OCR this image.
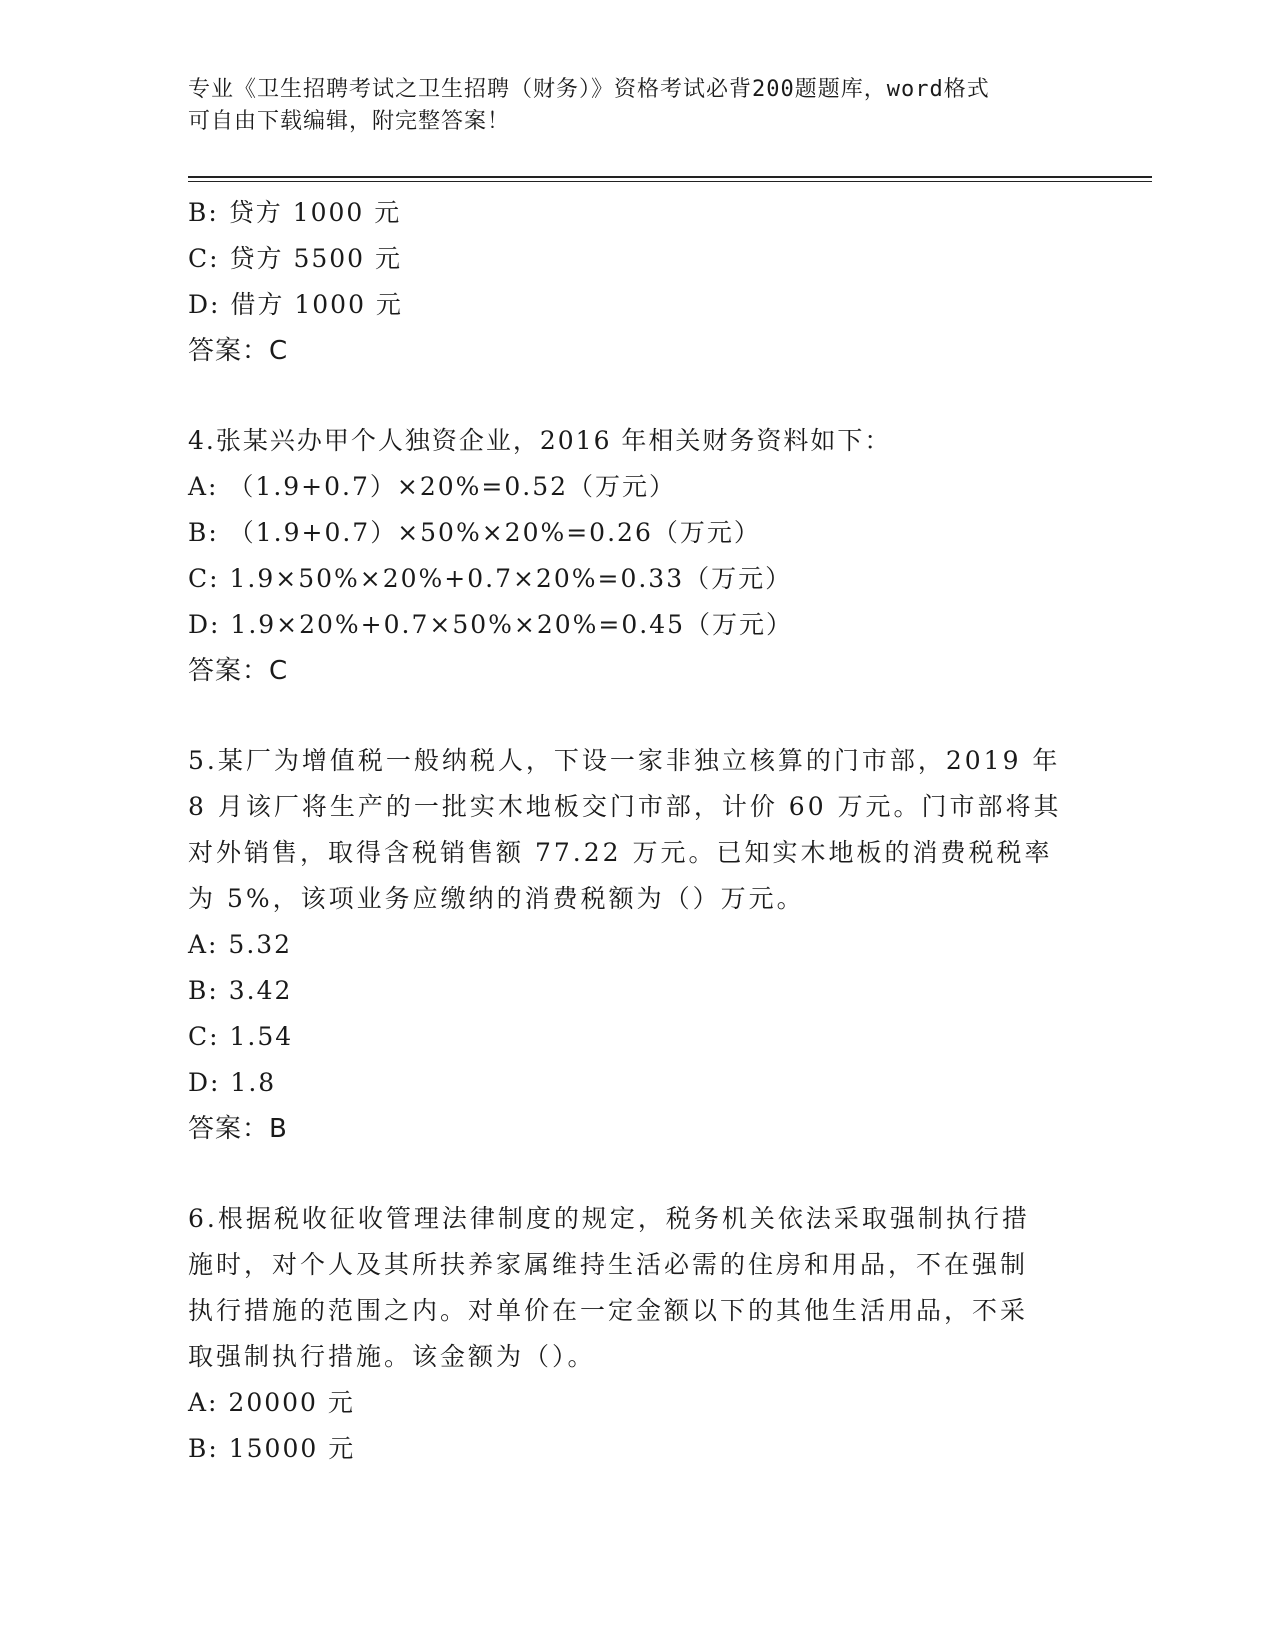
专业《卫生招聘考试之卫生招聘（财务）》资格考试必背200题题库，word格式
可自由下载编辑，附完整答案！
B: 贷方 1000 元
C: 贷方 5500 元
D: 借方 1000 元
答案：C
4.张某兴办甲个人独资企业，2016 年相关财务资料如下：
A: （1.9+0.7）×20%=0.52（万元）
B: （1.9+0.7）×50%×20%=0.26（万元）
C: 1.9×50%×20%+0.7×20%=0.33（万元）
D: 1.9×20%+0.7×50%×20%=0.45（万元）
答案：C
5.某厂为增值税一般纳税人，下设一家非独立核算的门市部，2019 年
8 月该厂将生产的一批实木地板交门市部，计价 60 万元。门市部将其
对外销售，取得含税销售额 77.22 万元。已知实木地板的消费税税率
为 5%，该项业务应缴纳的消费税额为（）万元。
A: 5.32
B: 3.42
C: 1.54
D: 1.8
答案：B
6.根据税收征收管理法律制度的规定，税务机关依法采取强制执行措
施时，对个人及其所扶养家属维持生活必需的住房和用品，不在强制
执行措施的范围之内。对单价在一定金额以下的其他生活用品，不采
取强制执行措施。该金额为（）。
A: 20000 元
B: 15000 元
